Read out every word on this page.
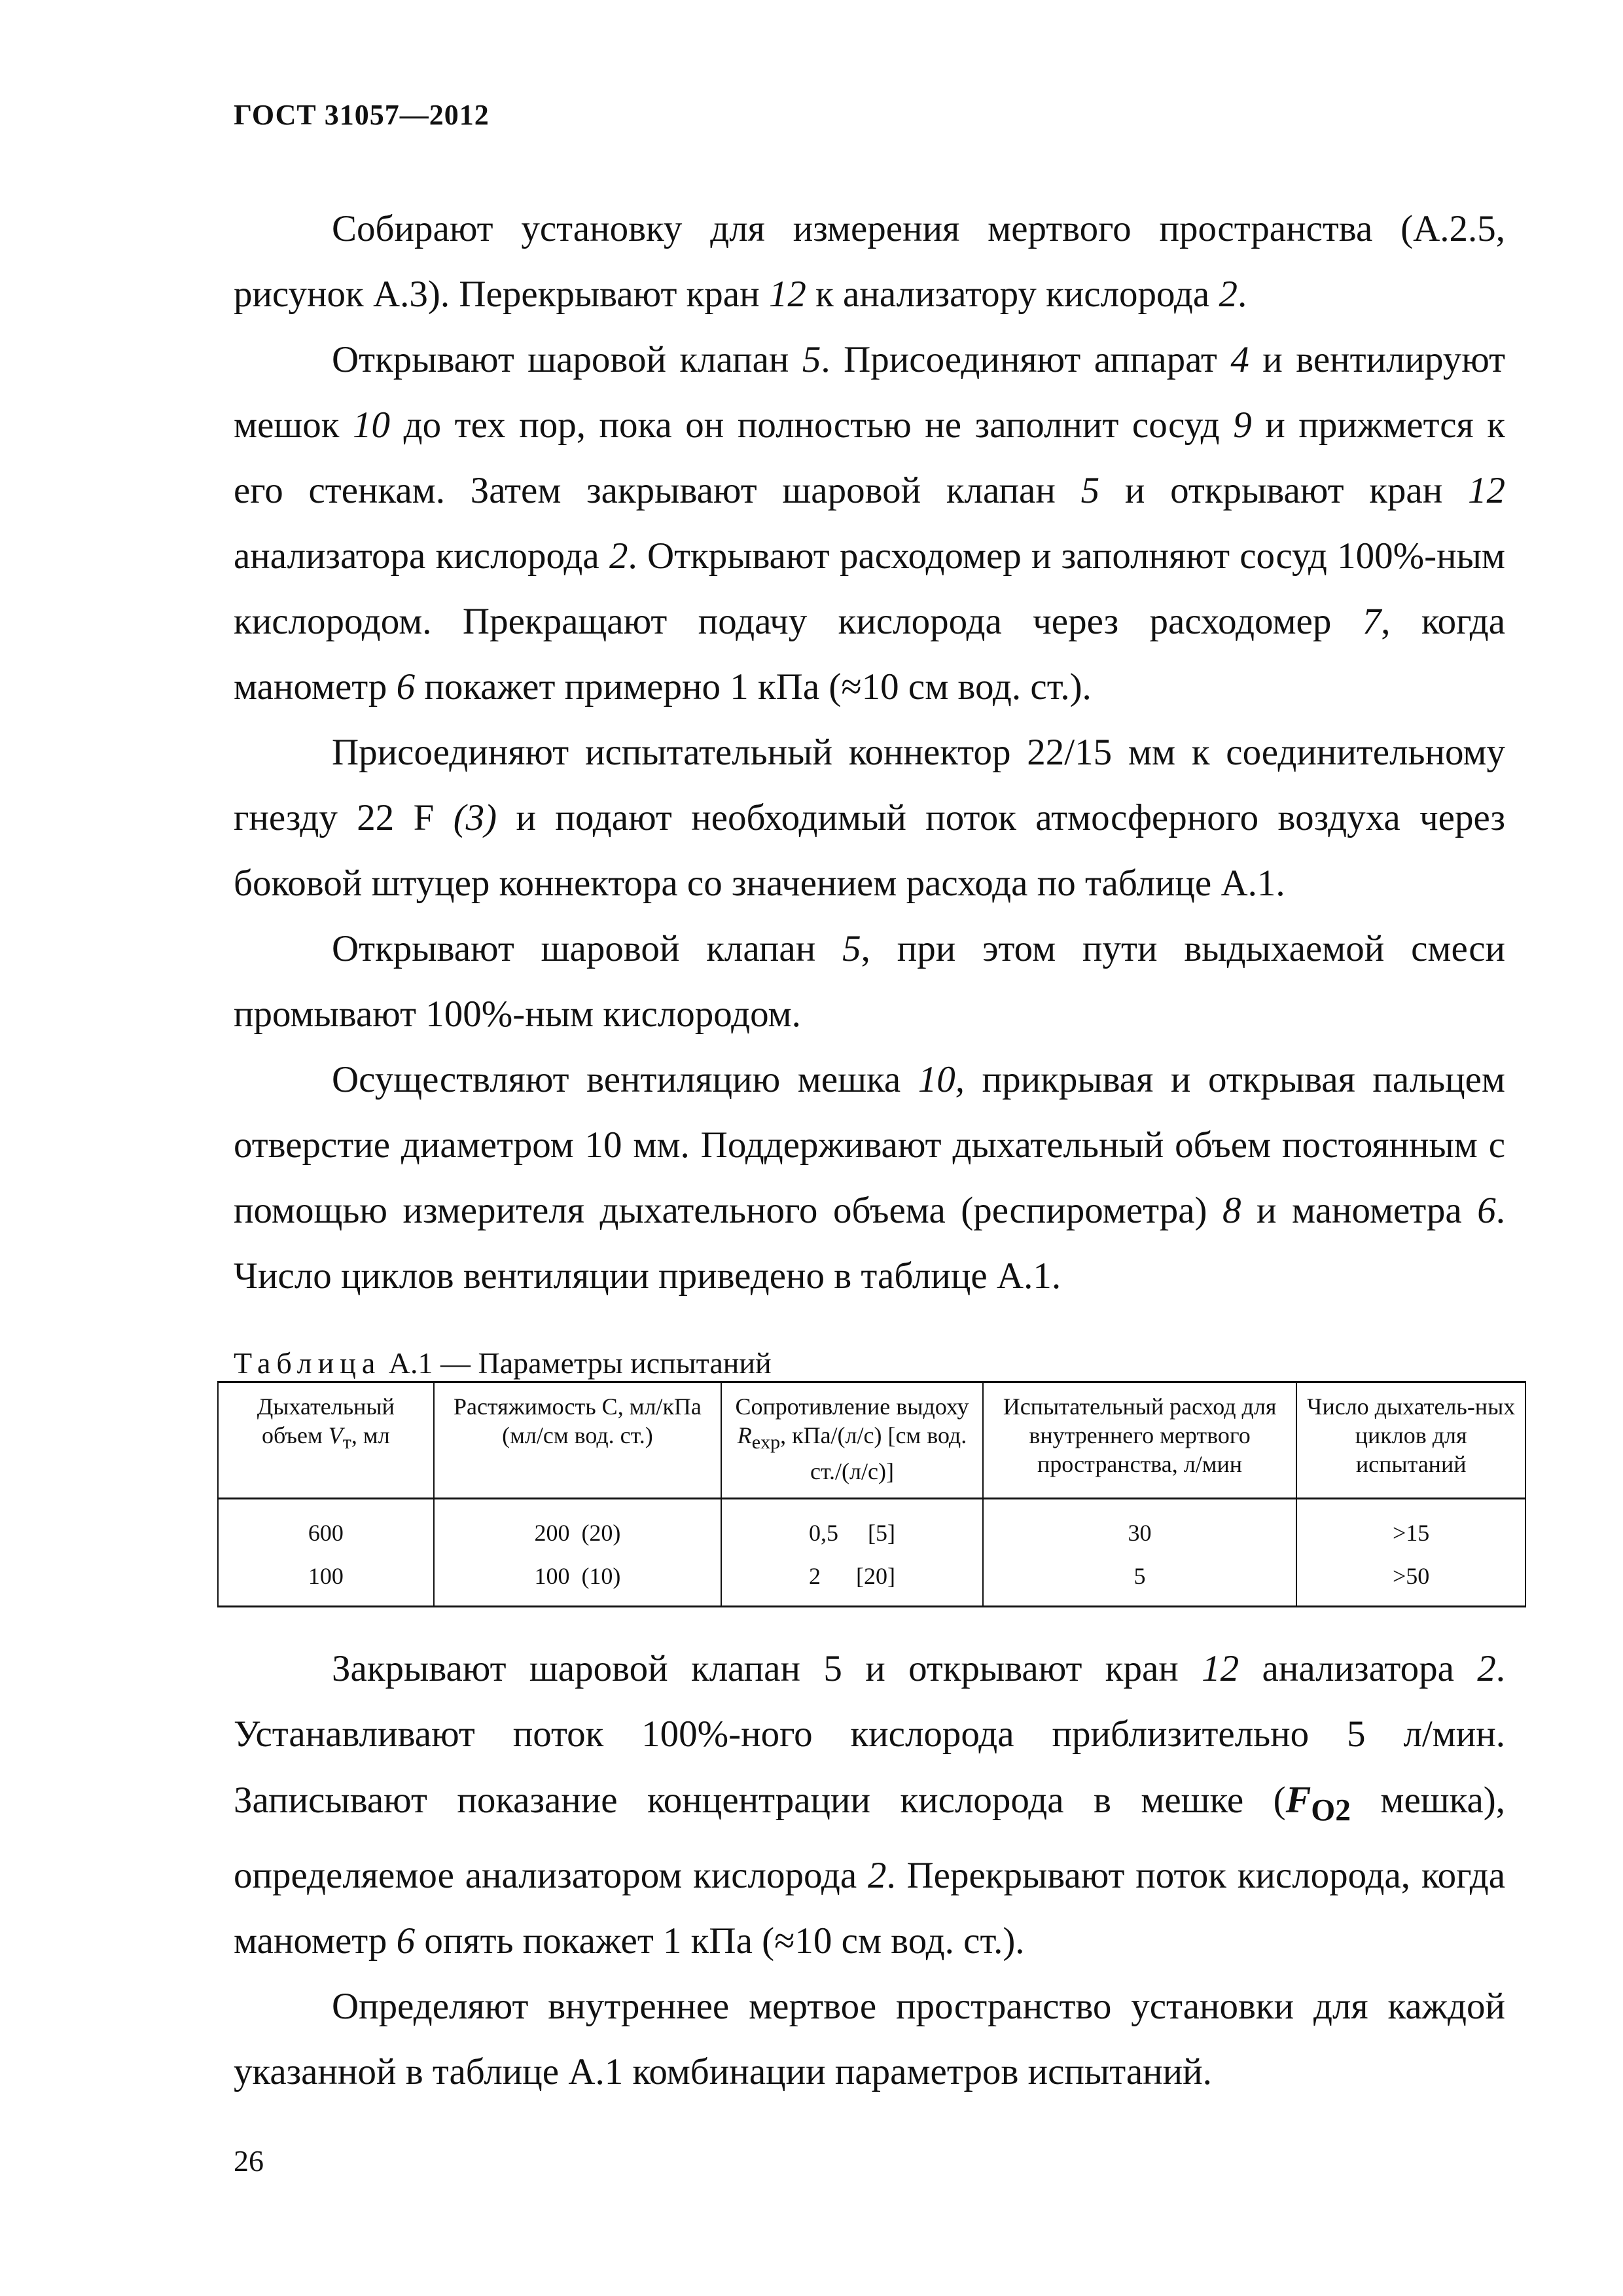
ГОСТ 31057—2012

Собирают установку для измерения мертвого пространства (А.2.5, рисунок А.3). Перекрывают кран 12 к анализатору кислорода 2.

Открывают шаровой клапан 5. Присоединяют аппарат 4 и вентилируют мешок 10 до тех пор, пока он полностью не заполнит сосуд 9 и прижмется к его стенкам. Затем закрывают шаровой клапан 5 и открывают кран 12 анализатора кислорода 2. Открывают расходомер и заполняют сосуд 100%-ным кислородом. Прекращают подачу кислорода через расходомер 7, когда манометр 6 покажет примерно 1 кПа (≈10 см вод. ст.).

Присоединяют испытательный коннектор 22/15 мм к соединительному гнезду 22 F (3) и подают необходимый поток атмосферного воздуха через боковой штуцер коннектора со значением расхода по таблице А.1.

Открывают шаровой клапан 5, при этом пути выдыхаемой смеси промывают 100%-ным кислородом.

Осуществляют вентиляцию мешка 10, прикрывая и открывая пальцем отверстие диаметром 10 мм. Поддерживают дыхательный объем постоянным с помощью измерителя дыхательного объема (респирометра) 8 и манометра 6. Число циклов вентиляции приведено в таблице А.1.

Таблица А.1 — Параметры испытаний
Дыхательный объем $V_т$, мл	Растяжимость С, мл/кПа (мл/см вод. ст.)	Сопротивление выдоху $R_{exp}$, кПа/(л/с) [см вод. ст./(л/с)]	Испытательный расход для внутреннего мертвого пространства, л/мин	Число дыхатель-ных циклов для испытаний
600	200  (20)	0,5     [5]	30	>15
100	100  (10)	2      [20]	5	>50

Закрывают шаровой клапан 5 и открывают кран 12 анализатора 2. Устанавливают поток 100%-ного кислорода приблизительно 5 л/мин. Записывают показание концентрации кислорода в мешке ($F_{O2}$ мешка), определяемое анализатором кислорода 2. Перекрывают поток кислорода, когда манометр 6 опять покажет 1 кПа (≈10 см вод. ст.).

Определяют внутреннее мертвое пространство установки для каждой указанной в таблице А.1 комбинации параметров испытаний.

26
